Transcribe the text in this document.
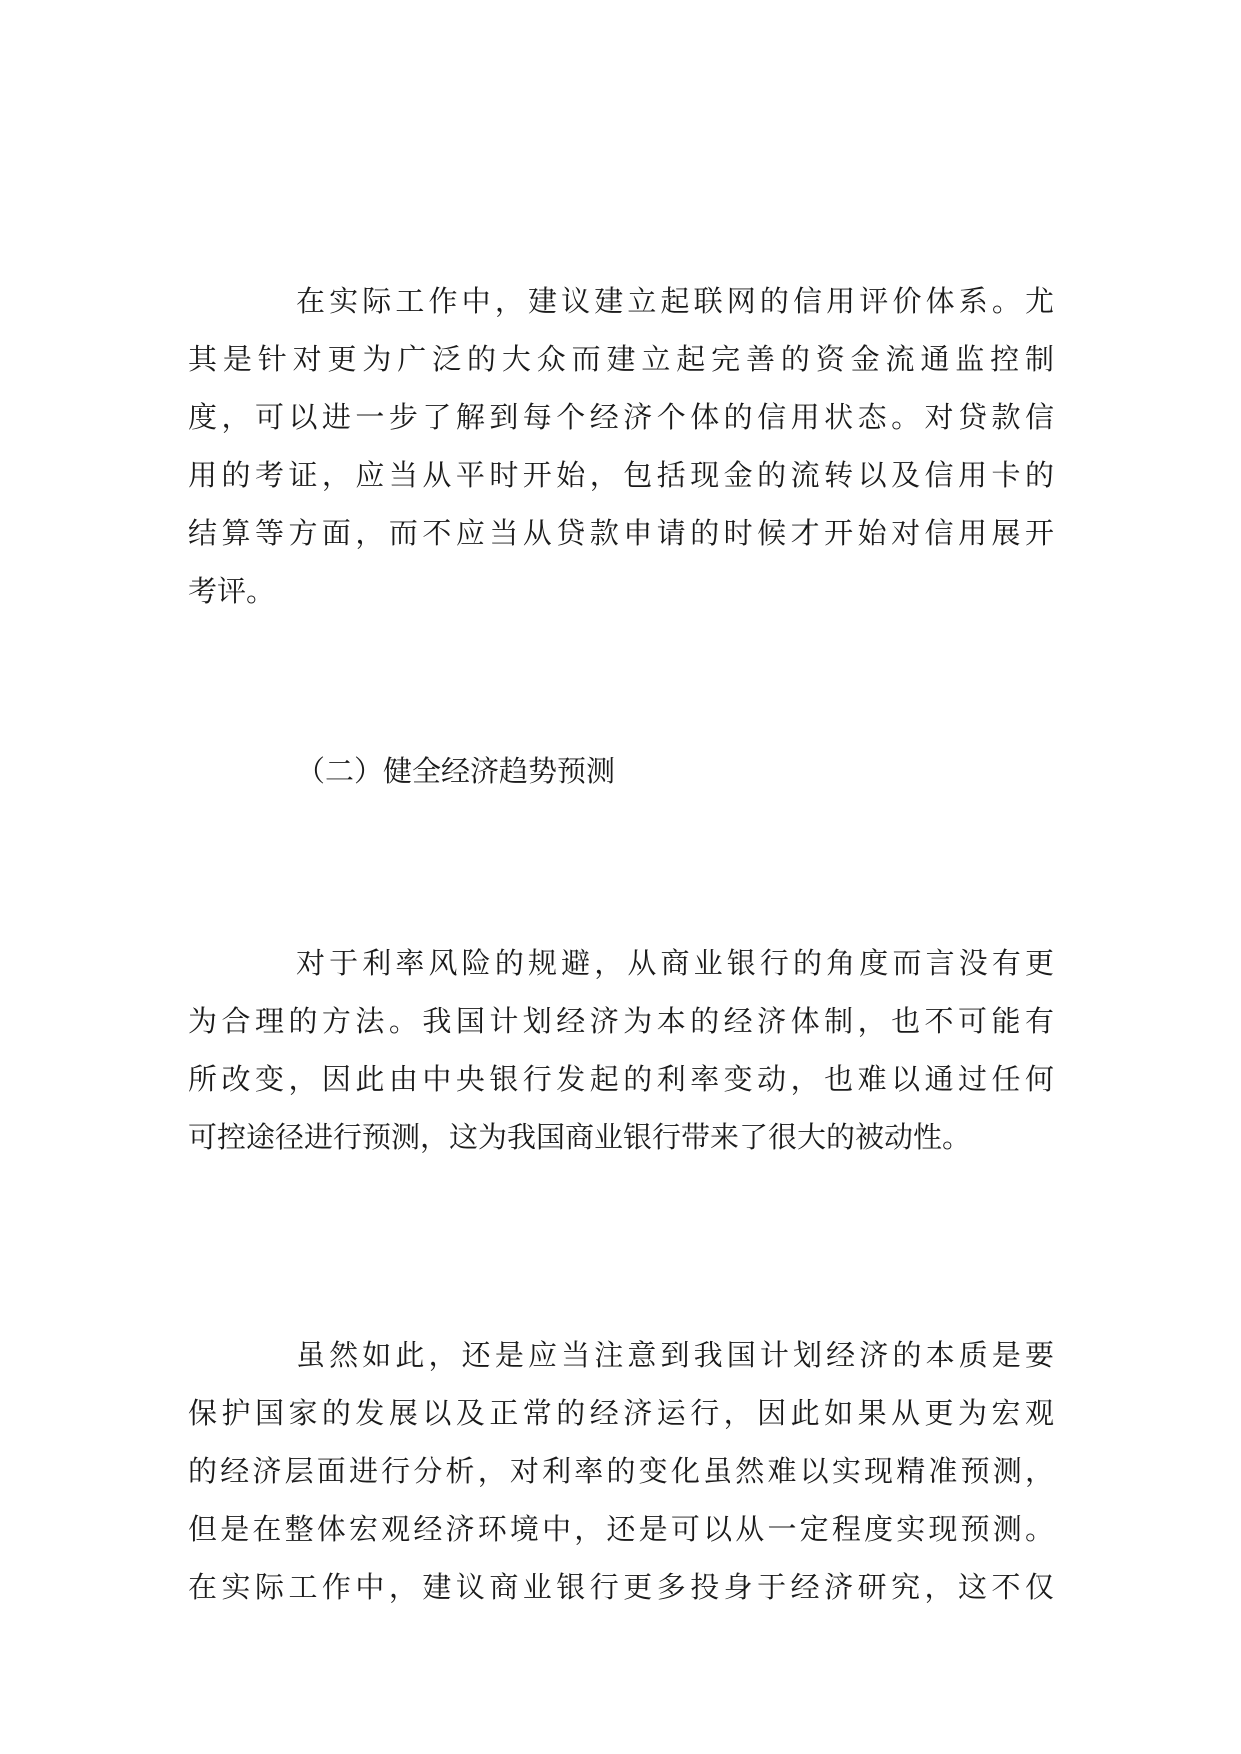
在实际工作中，建议建立起联网的信用评价体系。尤
其是针对更为广泛的大众而建立起完善的资金流通监控制
度，可以进一步了解到每个经济个体的信用状态。对贷款信
用的考证，应当从平时开始，包括现金的流转以及信用卡的
结算等方面，而不应当从贷款申请的时候才开始对信用展开
考评。
（二）健全经济趋势预测
对于利率风险的规避，从商业银行的角度而言没有更
为合理的方法。我国计划经济为本的经济体制，也不可能有
所改变，因此由中央银行发起的利率变动，也难以通过任何
可控途径进行预测，这为我国商业银行带来了很大的被动性。
虽然如此，还是应当注意到我国计划经济的本质是要
保护国家的发展以及正常的经济运行，因此如果从更为宏观
的经济层面进行分析，对利率的变化虽然难以实现精准预测，
但是在整体宏观经济环境中，还是可以从一定程度实现预测。
在实际工作中，建议商业银行更多投身于经济研究，这不仅
